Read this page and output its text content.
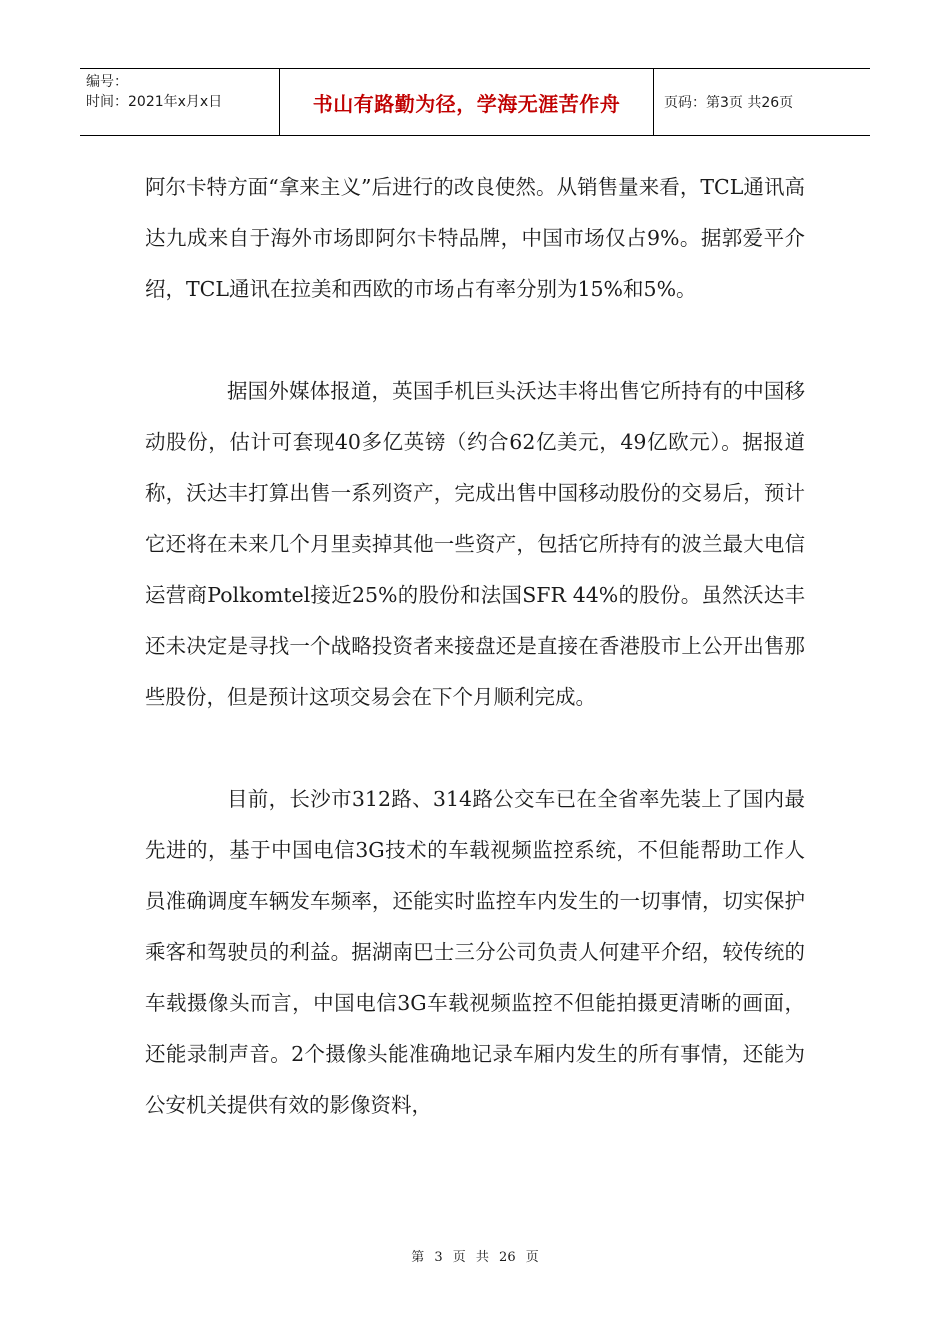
编号：
时间：2021年x月x日	书山有路勤为径，学海无涯苦作舟	页码：第3页 共26页

阿尔卡特方面“拿来主义”后进行的改良使然。从销售量来看，TCL通讯高达九成来自于海外市场即阿尔卡特品牌，中国市场仅占9%。据郭爱平介绍，TCL通讯在拉美和西欧的市场占有率分别为15%和5%。

据国外媒体报道，英国手机巨头沃达丰将出售它所持有的中国移动股份，估计可套现40多亿英镑（约合62亿美元，49亿欧元）。据报道称，沃达丰打算出售一系列资产，完成出售中国移动股份的交易后，预计它还将在未来几个月里卖掉其他一些资产，包括它所持有的波兰最大电信运营商Polkomtel接近25%的股份和法国SFR 44%的股份。虽然沃达丰还未决定是寻找一个战略投资者来接盘还是直接在香港股市上公开出售那些股份，但是预计这项交易会在下个月顺利完成。

目前，长沙市312路、314路公交车已在全省率先装上了国内最先进的，基于中国电信3G技术的车载视频监控系统，不但能帮助工作人员准确调度车辆发车频率，还能实时监控车内发生的一切事情，切实保护乘客和驾驶员的利益。据湖南巴士三分公司负责人何建平介绍，较传统的车载摄像头而言，中国电信3G车载视频监控不但能拍摄更清晰的画面，还能录制声音。2个摄像头能准确地记录车厢内发生的所有事情，还能为公安机关提供有效的影像资料，

第 3 页 共 26 页
